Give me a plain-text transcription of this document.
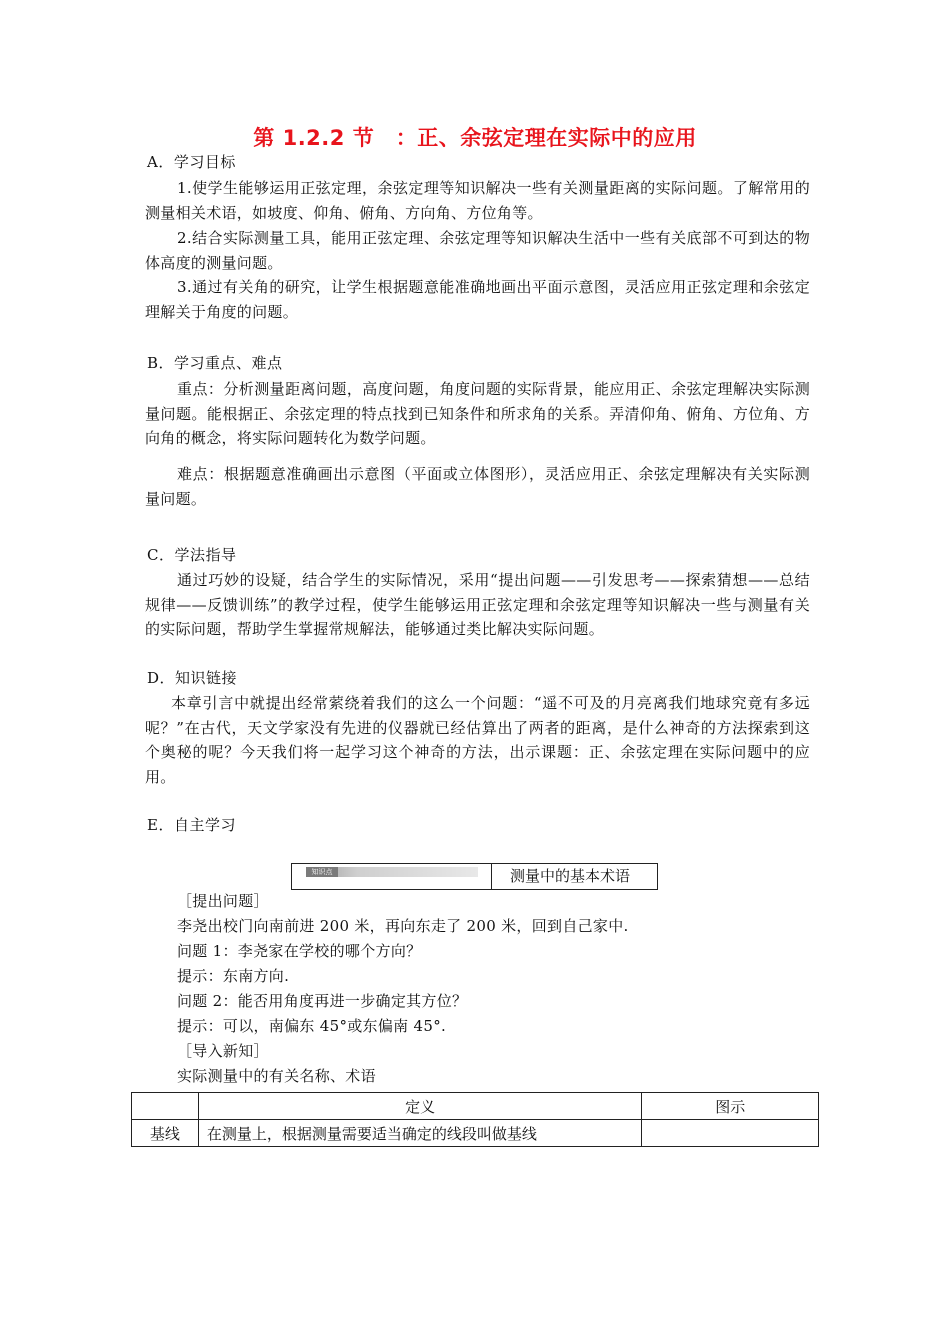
第 1.2.2 节　：正、余弦定理在实际中的应用
A．学习目标
1.使学生能够运用正弦定理，余弦定理等知识解决一些有关测量距离的实际问题。了解常用的测量相关术语，如坡度、仰角、俯角、方向角、方位角等。
2.结合实际测量工具，能用正弦定理、余弦定理等知识解决生活中一些有关底部不可到达的物体高度的测量问题。
3.通过有关角的研究，让学生根据题意能准确地画出平面示意图，灵活应用正弦定理和余弦定理解关于角度的问题。
B．学习重点、难点
重点：分析测量距离问题，高度问题，角度问题的实际背景，能应用正、余弦定理解决实际测量问题。能根据正、余弦定理的特点找到已知条件和所求角的关系。弄清仰角、俯角、方位角、方向角的概念，将实际问题转化为数学问题。
难点：根据题意准确画出示意图（平面或立体图形），灵活应用正、余弦定理解决有关实际测量问题。
C．学法指导
通过巧妙的设疑，结合学生的实际情况，采用“提出问题——引发思考——探索猜想——总结规律——反馈训练”的教学过程，使学生能够运用正弦定理和余弦定理等知识解决一些与测量有关的实际问题，帮助学生掌握常规解法，能够通过类比解决实际问题。
D．知识链接
本章引言中就提出经常萦绕着我们的这么一个问题：“遥不可及的月亮离我们地球究竟有多远呢？”在古代，天文学家没有先进的仪器就已经估算出了两者的距离，是什么神奇的方法探索到这个奥秘的呢？今天我们将一起学习这个神奇的方法，出示课题：正、余弦定理在实际问题中的应用。
E．自主学习
知识点	测量中的基本术语
［提出问题］
李尧出校门向南前进 200 米，再向东走了 200 米，回到自己家中.
问题 1：李尧家在学校的哪个方向？
提示：东南方向.
问题 2：能否用角度再进一步确定其方位？
提示：可以，南偏东 45°或东偏南 45°.
［导入新知］
实际测量中的有关名称、术语
	定义	图示
基线	在测量上，根据测量需要适当确定的线段叫做基线	
